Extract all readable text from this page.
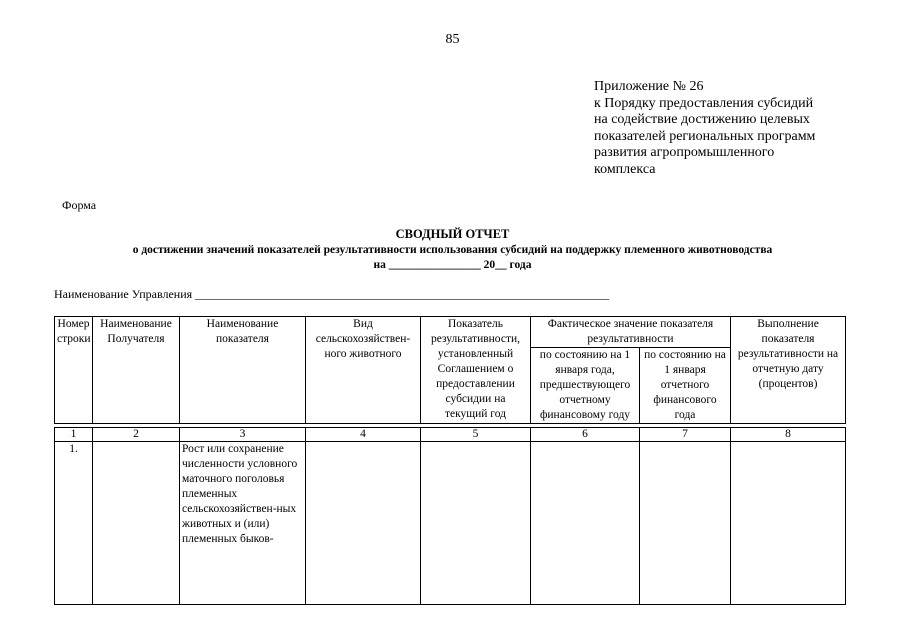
85
Приложение № 26
к Порядку предоставления субсидий
на содействие достижению целевых
показателей региональных программ
развития агропромышленного
комплекса
Форма
СВОДНЫЙ ОТЧЕТ
о достижении значений показателей результативности использования субсидий на поддержку племенного животноводства
на ________________ 20__ года
Наименование Управления _____________________________________________________________________
Номер строки	Наименование Получателя	Наименование показателя	Вид сельскохозяйствен-ного животного	Показатель результативности, установленный Соглашением о предоставлении субсидии на текущий год	Фактическое значение показателя результативности		Выполнение показателя результативности на отчетную дату (процентов)
					по состоянию на 1 января года, предшествующего отчетному финансовому году	по состоянию на 1 января отчетного финансового года	

1	2	3	4	5	6	7	8
1.		Рост или сохранение численности условного маточного поголовья племенных сельскохозяйствен-ных животных и (или) племенных быков-					
